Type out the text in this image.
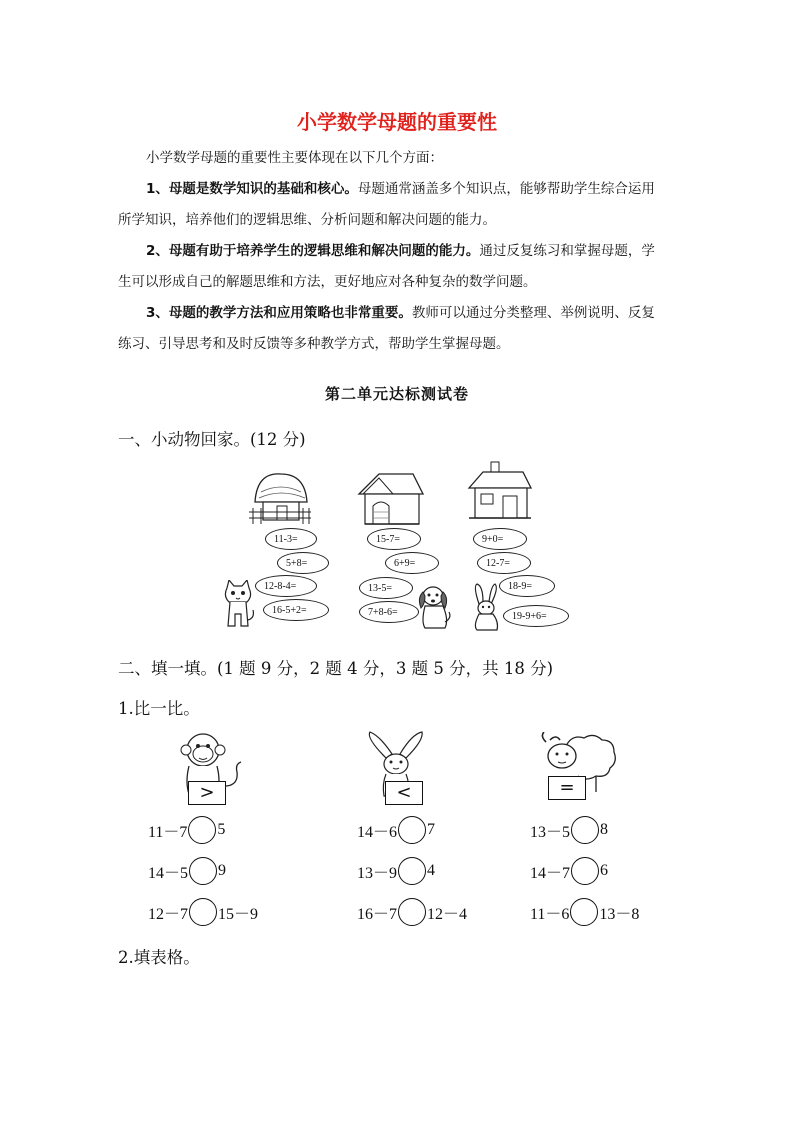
小学数学母题的重要性
小学数学母题的重要性主要体现在以下几个方面：
1、母题是数学知识的基础和核心。母题通常涵盖多个知识点，能够帮助学生综合运用
所学知识，培养他们的逻辑思维、分析问题和解决问题的能力。
2、母题有助于培养学生的逻辑思维和解决问题的能力。通过反复练习和掌握母题，学
生可以形成自己的解题思维和方法，更好地应对各种复杂的数学问题。
3、母题的教学方法和应用策略也非常重要。教师可以通过分类整理、举例说明、反复
练习、引导思考和及时反馈等多种教学方式，帮助学生掌握母题。
第二单元达标测试卷
一、小动物回家。(12 分)
11-3=
5+8=
12-8-4=
16-5+2=
15-7=
6+9=
13-5=
7+8-6=
9+0=
12-7=
18-9=
19-9+6=
二、填一填。(1 题 9 分，2 题 4 分，3 题 5 分，共 18 分)
1.比一比。
>	<	=
11－7 5	14－6 7	13－5 8
14－5 9	13－9 4	14－7 6
12－7 15－9	16－7 12－4	11－6 13－8
2.填表格。
